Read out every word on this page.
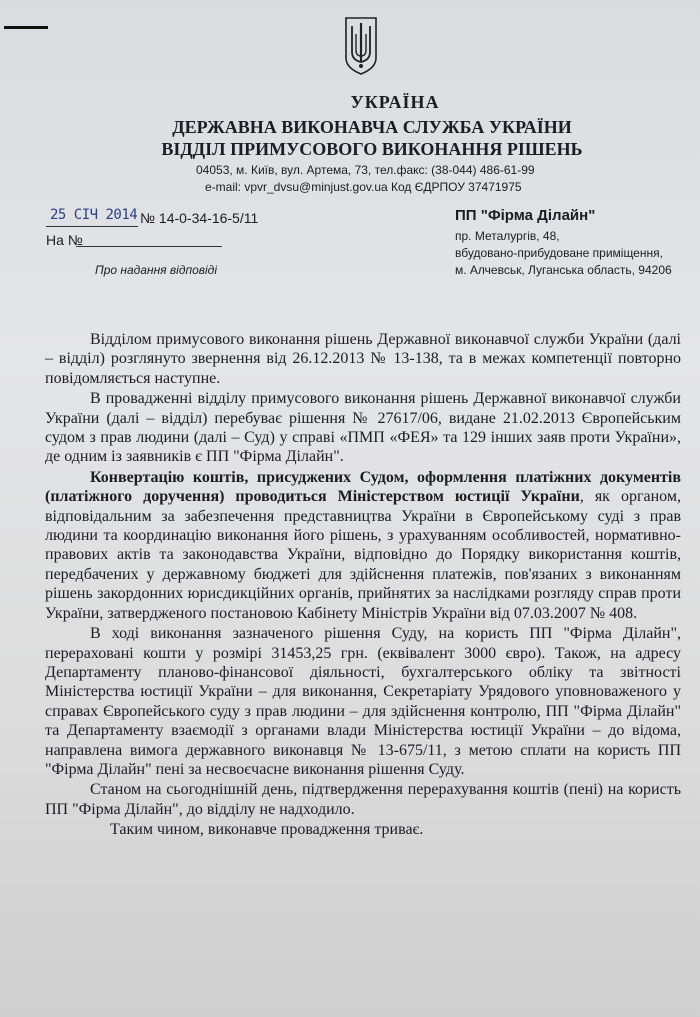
УКРАЇНА
ДЕРЖАВНА ВИКОНАВЧА СЛУЖБА УКРАЇНИ
ВІДДІЛ ПРИМУСОВОГО ВИКОНАННЯ РІШЕНЬ
04053, м. Київ, вул. Артема, 73, тел.факс: (38-044) 486-61-99
e-mail: vpvr_dvsu@minjust.gov.ua Код ЄДРПОУ 37471975
25 СІЧ 2014 № 14-0-34-16-5/11
На №
Про надання відповіді
ПП "Фірма Ділайн"
пр. Металургів, 48,
вбудовано-прибудоване приміщення,
м. Алчевськ, Луганська область, 94206

Відділом примусового виконання рішень Державної виконавчої служби України (далі – відділ) розглянуто звернення від 26.12.2013 № 13-138, та в межах компетенції повторно повідомляється наступне.

В провадженні відділу примусового виконання рішень Державної виконавчої служби України (далі – відділ) перебуває рішення № 27617/06, видане 21.02.2013 Європейським судом з прав людини (далі – Суд) у справі «ПМП «ФЕЯ» та 129 інших заяв проти України», де одним із заявників є ПП "Фірма Ділайн".

Конвертацію коштів, присуджених Судом, оформлення платіжних документів (платіжного доручення) проводиться Міністерством юстиції України, як органом, відповідальним за забезпечення представництва України в Європейському суді з прав людини та координацію виконання його рішень, з урахуванням особливостей, нормативно-правових актів та законодавства України, відповідно до Порядку використання коштів, передбачених у державному бюджеті для здійснення платежів, пов'язаних з виконанням рішень закордонних юрисдикційних органів, прийнятих за наслідками розгляду справ проти України, затвердженого постановою Кабінету Міністрів України від 07.03.2007 № 408.

В ході виконання зазначеного рішення Суду, на користь ПП "Фірма Ділайн", перераховані кошти у розмірі 31453,25 грн. (еквівалент 3000 євро). Також, на адресу Департаменту планово-фінансової діяльності, бухгалтерського обліку та звітності Міністерства юстиції України – для виконання, Секретаріату Урядового уповноваженого у справах Європейського суду з прав людини – для здійснення контролю, ПП "Фірма Ділайн" та Департаменту взаємодії з органами влади Міністерства юстиції України – до відома, направлена вимога державного виконавця № 13-675/11, з метою сплати на користь ПП "Фірма Ділайн" пені за несвоєчасне виконання рішення Суду.

Станом на сьогоднішній день, підтвердження перерахування коштів (пені) на користь ПП "Фірма Ділайн", до відділу не надходило.

Таким чином, виконавче провадження триває.
